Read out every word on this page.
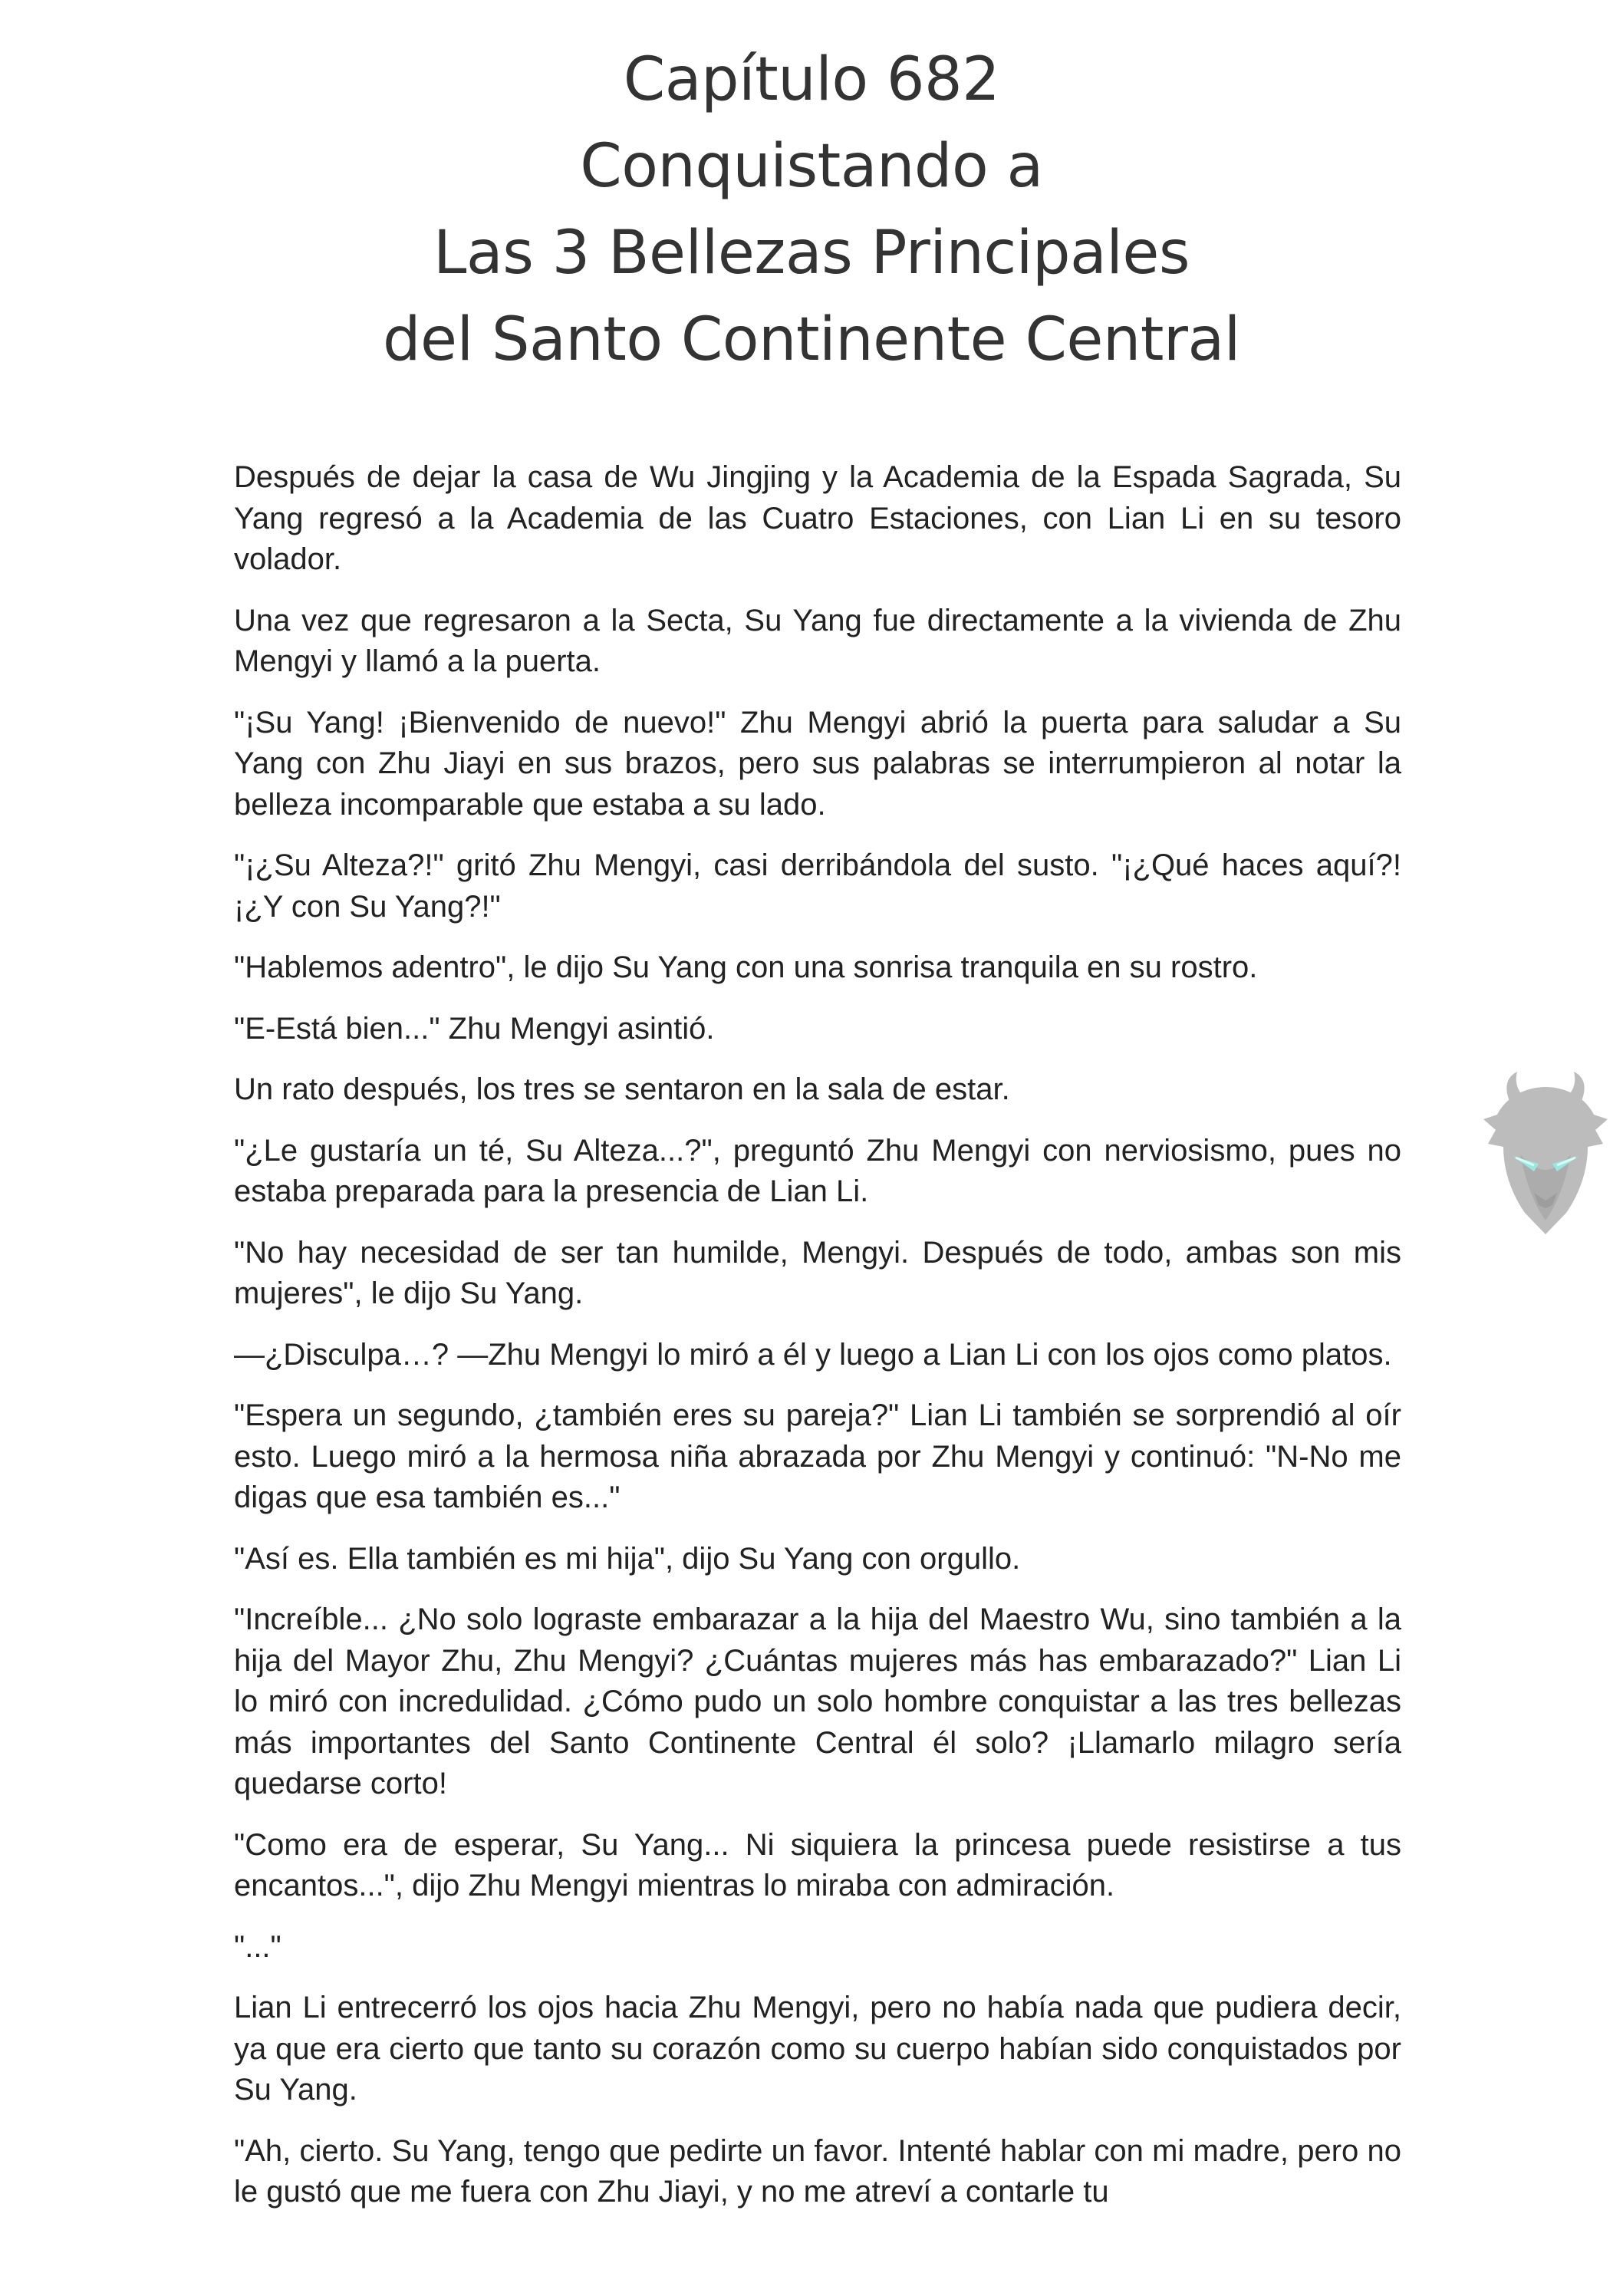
Capítulo 682
Conquistando a
Las 3 Bellezas Principales
del Santo Continente Central

Después de dejar la casa de Wu Jingjing y la Academia de la Espada Sagrada, Su Yang regresó a la Academia de las Cuatro Estaciones, con Lian Li en su tesoro volador.

Una vez que regresaron a la Secta, Su Yang fue directamente a la vivienda de Zhu Mengyi y llamó a la puerta.

"¡Su Yang! ¡Bienvenido de nuevo!" Zhu Mengyi abrió la puerta para saludar a Su Yang con Zhu Jiayi en sus brazos, pero sus palabras se interrumpieron al notar la belleza incomparable que estaba a su lado.

"¡¿Su Alteza?!" gritó Zhu Mengyi, casi derribándola del susto. "¡¿Qué haces aquí?! ¡¿Y con Su Yang?!"

"Hablemos adentro", le dijo Su Yang con una sonrisa tranquila en su rostro.

"E-Está bien..." Zhu Mengyi asintió.

Un rato después, los tres se sentaron en la sala de estar.

"¿Le gustaría un té, Su Alteza...?", preguntó Zhu Mengyi con nerviosismo, pues no estaba preparada para la presencia de Lian Li.

"No hay necesidad de ser tan humilde, Mengyi. Después de todo, ambas son mis mujeres", le dijo Su Yang.

—¿Disculpa…? —Zhu Mengyi lo miró a él y luego a Lian Li con los ojos como platos.

"Espera un segundo, ¿también eres su pareja?" Lian Li también se sorprendió al oír esto. Luego miró a la hermosa niña abrazada por Zhu Mengyi y continuó: "N-No me digas que esa también es..."

"Así es. Ella también es mi hija", dijo Su Yang con orgullo.

"Increíble... ¿No solo lograste embarazar a la hija del Maestro Wu, sino también a la hija del Mayor Zhu, Zhu Mengyi? ¿Cuántas mujeres más has embarazado?" Lian Li lo miró con incredulidad. ¿Cómo pudo un solo hombre conquistar a las tres bellezas más importantes del Santo Continente Central él solo? ¡Llamarlo milagro sería quedarse corto!

"Como era de esperar, Su Yang... Ni siquiera la princesa puede resistirse a tus encantos...", dijo Zhu Mengyi mientras lo miraba con admiración.

"..."

Lian Li entrecerró los ojos hacia Zhu Mengyi, pero no había nada que pudiera decir, ya que era cierto que tanto su corazón como su cuerpo habían sido conquistados por Su Yang.

"Ah, cierto. Su Yang, tengo que pedirte un favor. Intenté hablar con mi madre, pero no le gustó que me fuera con Zhu Jiayi, y no me atreví a contarle tu
